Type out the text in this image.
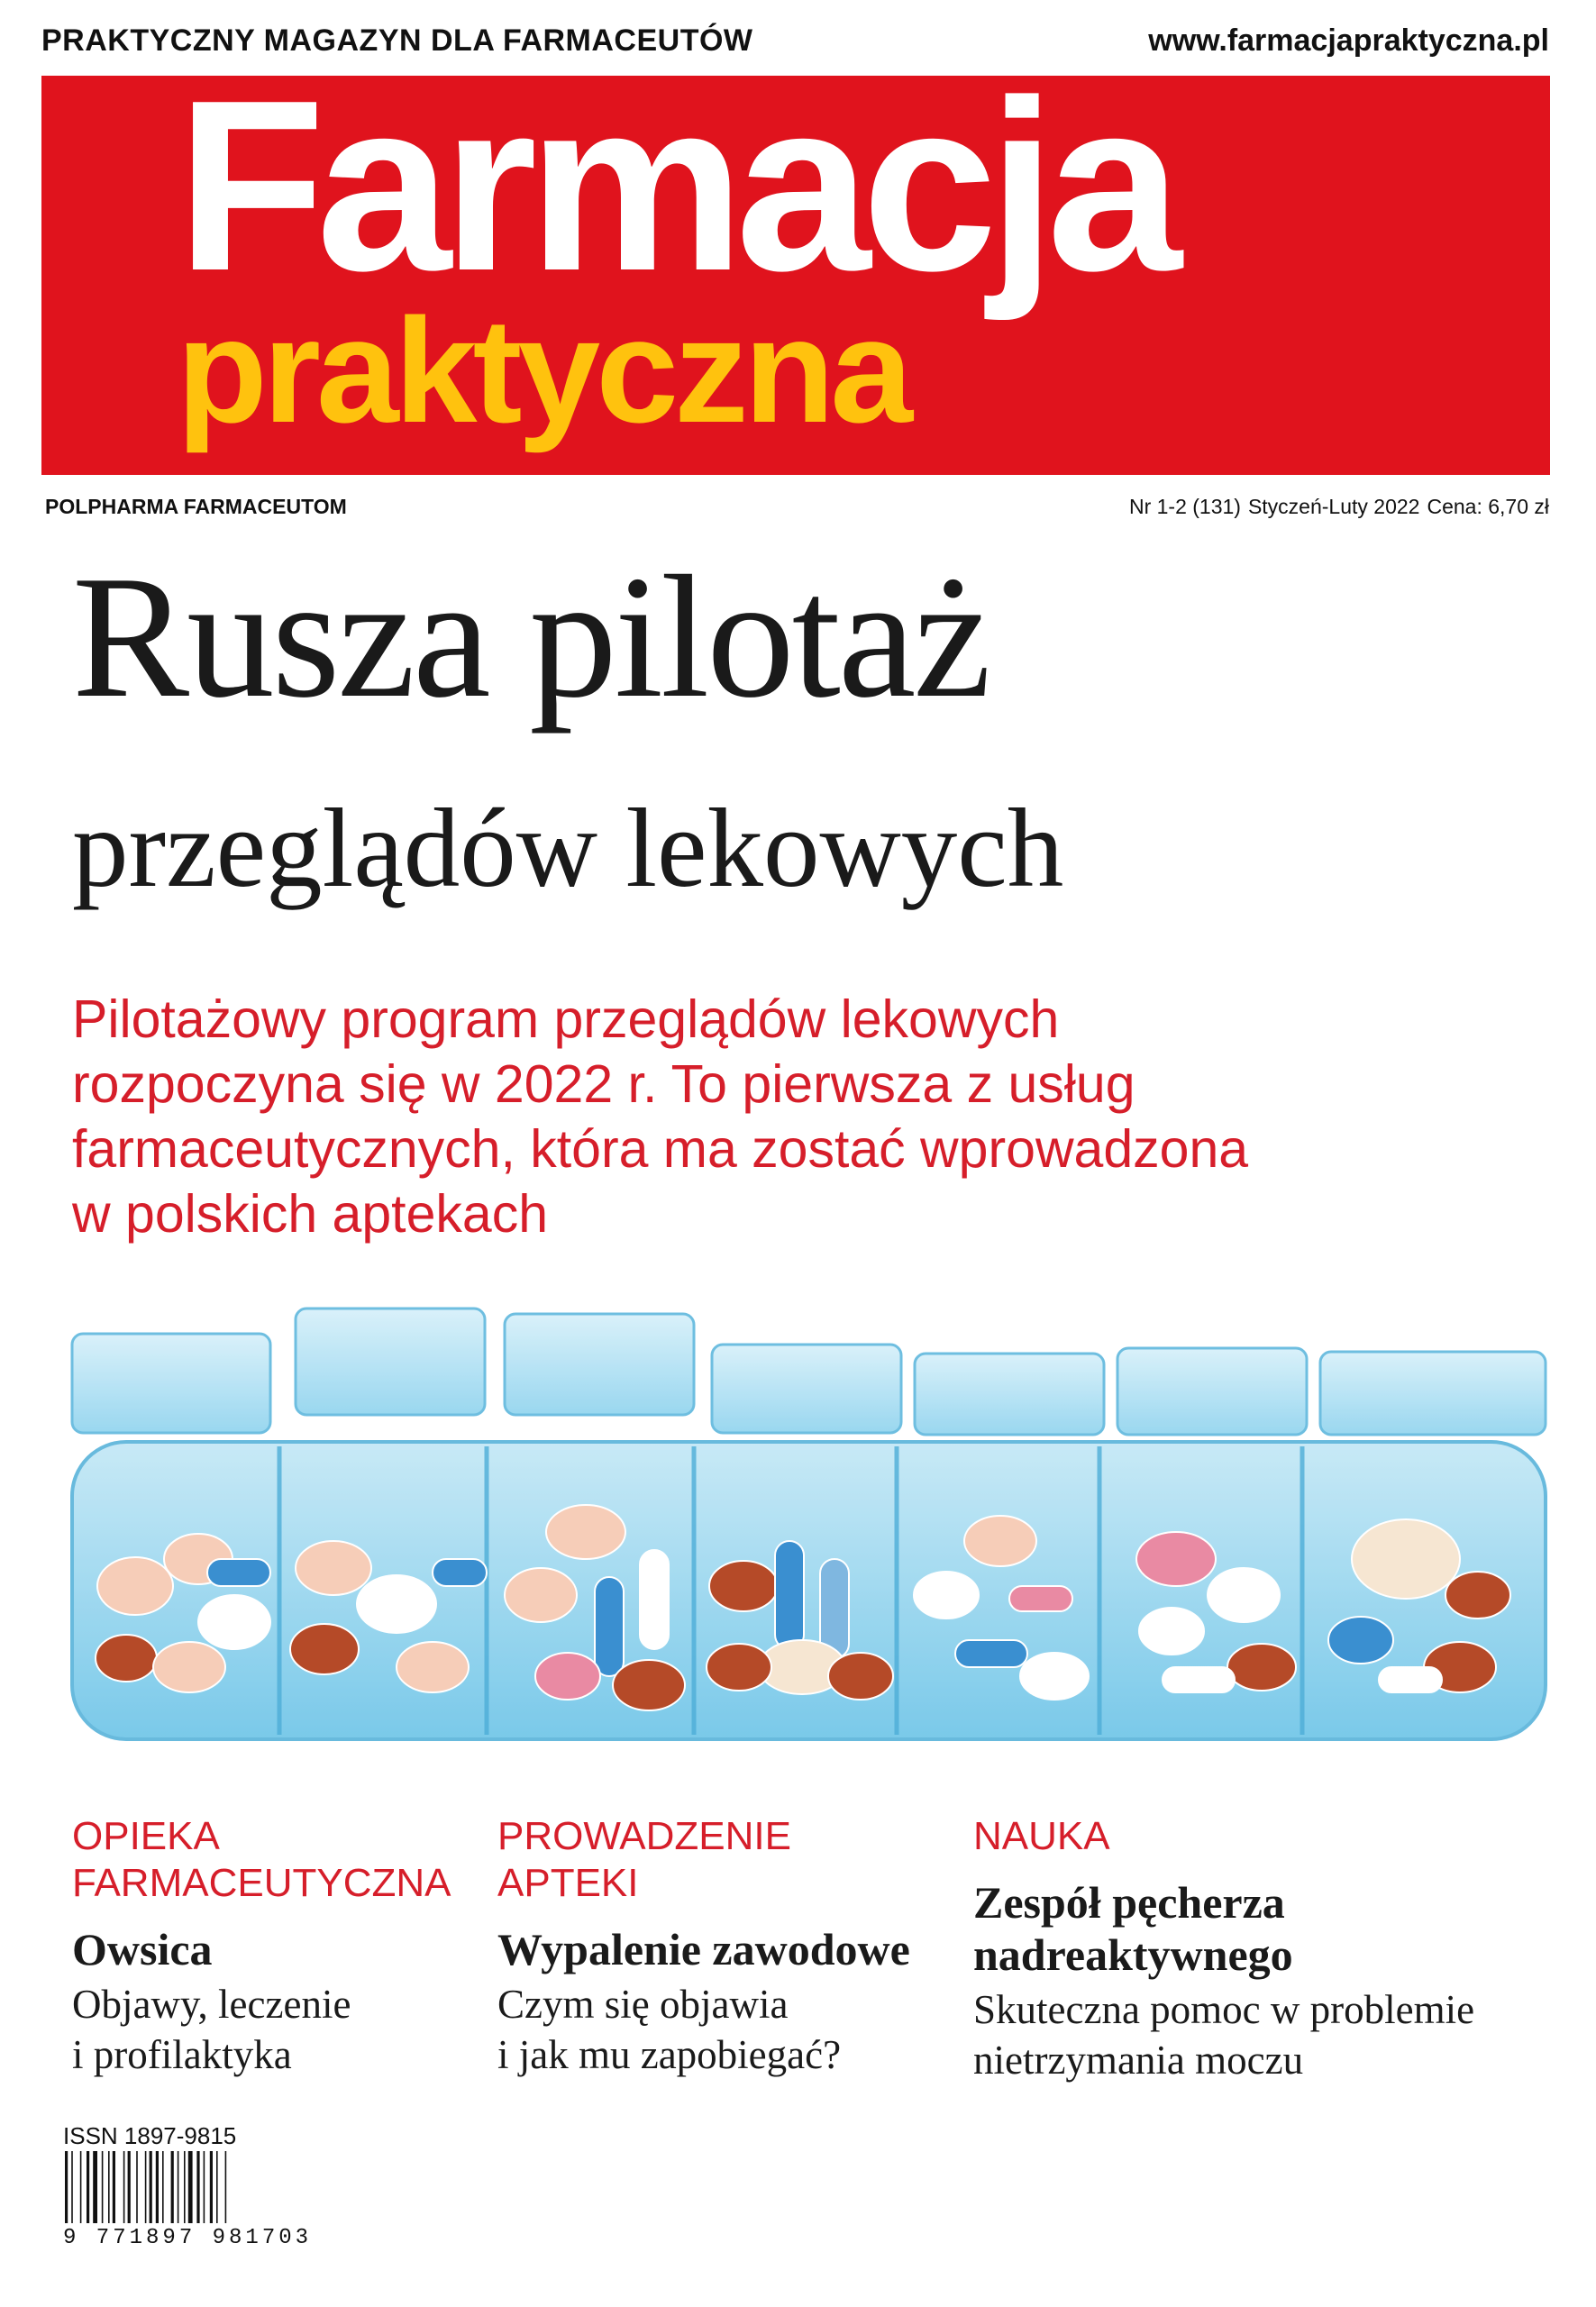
PRAKTYCZNY MAGAZYN DLA FARMACEUTÓW	www.farmacjapraktyczna.pl
Farmacja
praktyczna
POLPHARMA FARMACEUTOM	Nr 1-2 (131) Styczeń-Luty 2022 Cena: 6,70 zł
Rusza pilotaż
przeglądów lekowych
Pilotażowy program przeglądów lekowych
rozpoczyna się w 2022 r. To pierwsza z usług
farmaceutycznych, która ma zostać wprowadzona
w polskich aptekach
OPIEKA
FARMACEUTYCZNA
Owsica
Objawy, leczenie
i profilaktyka
PROWADZENIE
APTEKI
Wypalenie zawodowe
Czym się objawia
i jak mu zapobiegać?
NAUKA
Zespół pęcherza
nadreaktywnego
Skuteczna pomoc w problemie
nietrzymania moczu
ISSN 1897-9815
9 771897 981703
